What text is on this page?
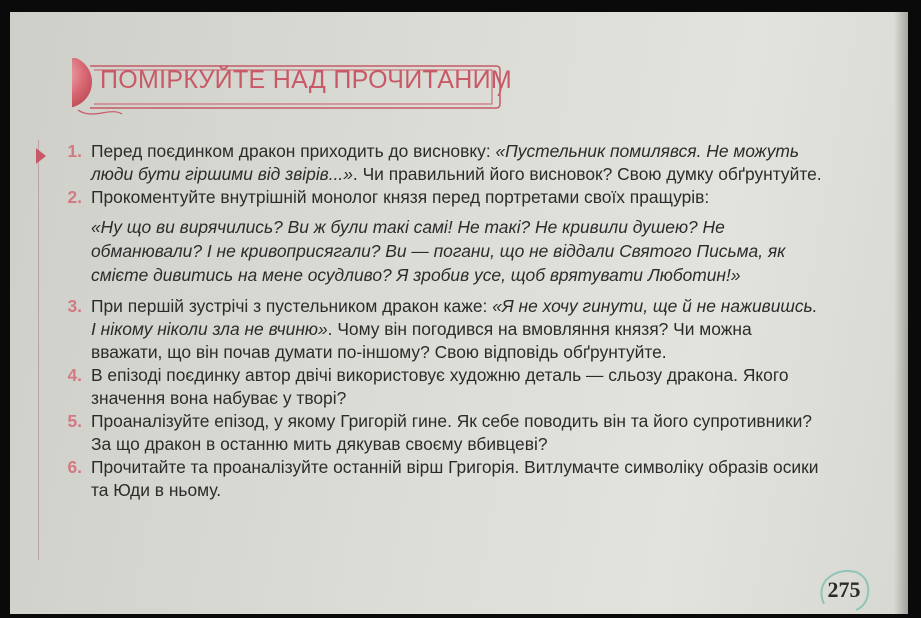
ПОМІРКУЙТЕ НАД ПРОЧИТАНИМ
1. Перед поєдинком дракон приходить до висновку: «Пустельник помилявся. Не можуть люди бути гіршими від звірів...». Чи правильний його висновок? Свою думку обґрунтуйте.
2. Прокоментуйте внутрішній монолог князя перед портретами своїх пращурів:
«Ну що ви вирячились? Ви ж були такі самі! Не такі? Не кривили душею? Не обманювали? І не кривоприсягали? Ви — погани, що не віддали Святого Письма, як смієте дивитись на мене осудливо? Я зробив усе, щоб врятувати Люботин!»
3. При першій зустрічі з пустельником дракон каже: «Я не хочу гинути, ще й не наживишсь. І нікому ніколи зла не вчиню». Чому він погодився на вмовляння князя? Чи можна вважати, що він почав думати по-іншому? Свою відповідь обґрунтуйте.
4. В епізоді поєдинку автор двічі використовує художню деталь — сльозу дракона. Якого значення вона набуває у творі?
5. Проаналізуйте епізод, у якому Григорій гине. Як себе поводить він та його супротивники? За що дракон в останню мить дякував своєму вбивцеві?
6. Прочитайте та проаналізуйте останній вірш Григорія. Витлумачте символіку образів осики та Юди в ньому.
275
